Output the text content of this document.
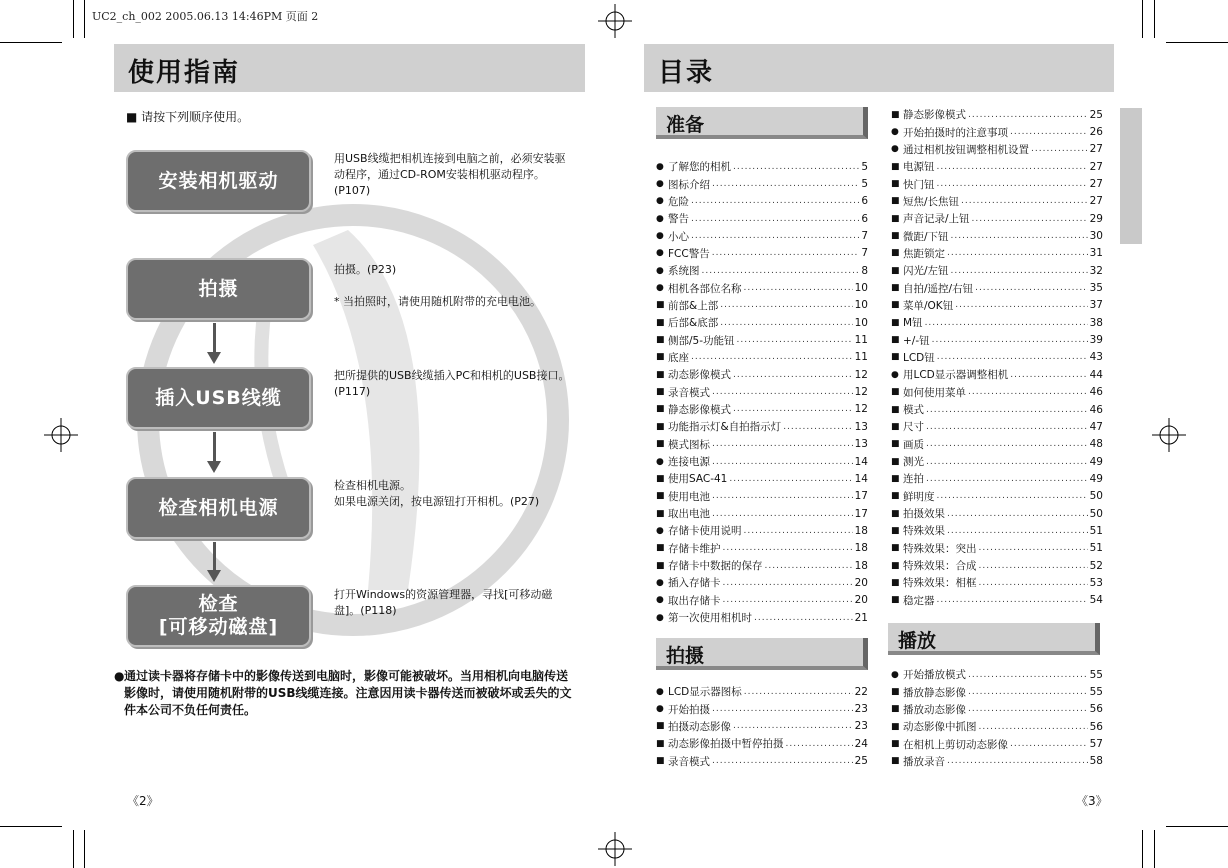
UC2_ch_002 2005.06.13 14:46PM 页面 2
使用指南
■ 请按下列顺序使用。
安装相机驱动
拍摄
插入USB线缆
检查相机电源
检查
[可移动磁盘]

用USB线缆把相机连接到电脑之前，必须安装驱动程序，通过CD-ROM安装相机驱动程序。
(P107)

拍摄。(P23)

* 当拍照时，请使用随机附带的充电电池。

把所提供的USB线缆插入PC和相机的USB接口。
(P117)

检查相机电源。
如果电源关闭，按电源钮打开相机。(P27)

打开Windows的资源管理器，寻找[可移动磁盘]。(P118)

● 通过读卡器将存储卡中的影像传送到电脑时，影像可能被破坏。当用相机向电脑传送影像时，请使用随机附带的USB线缆连接。注意因用读卡器传送而被破坏或丢失的文件本公司不负任何责任。
《2》
目录
准备
拍摄
播放
● 了解您的相机 .....	5
● 图标介绍 .....	5
● 危险 .....	6
● 警告 .....	6
● 小心 .....	7
● FCC警告 .....	7
● 系统图 .....	8
● 相机各部位名称 .....	10
■ 前部&上部 .....	10
■ 后部&底部 .....	10
■ 侧部/5-功能钮 .....	11
■ 底座 .....	11
■ 动态影像模式 .....	12
■ 录音模式 .....	12
■ 静态影像模式 .....	12
■ 功能指示灯&自拍指示灯 .....	13
■ 模式图标 .....	13
● 连接电源 .....	14
■ 使用SAC-41 .....	14
■ 使用电池 .....	17
■ 取出电池 .....	17
● 存储卡使用说明 .....	18
■ 存储卡维护 .....	18
■ 存储卡中数据的保存 .....	18
● 插入存储卡 .....	20
● 取出存储卡 .....	20
● 第一次使用相机时 .....	21
● LCD显示器图标 .....	22
● 开始拍摄 .....	23
■ 拍摄动态影像 .....	23
■ 动态影像拍摄中暂停拍摄 .....	24
■ 录音模式 .....	25
■ 静态影像模式 .....	25
● 开始拍摄时的注意事项 .....	26
● 通过相机按钮调整相机设置 .....	27
■ 电源钮 .....	27
■ 快门钮 .....	27
■ 短焦/长焦钮 .....	27
■ 声音记录/上钮 .....	29
■ 微距/下钮 .....	30
■ 焦距锁定 .....	31
■ 闪光/左钮 .....	32
■ 自拍/遥控/右钮 .....	35
■ 菜单/OK钮 .....	37
■ M钮 .....	38
■ +/-钮 .....	39
■ LCD钮 .....	43
● 用LCD显示器调整相机 .....	44
■ 如何使用菜单 .....	46
■ 模式 .....	46
■ 尺寸 .....	47
■ 画质 .....	48
■ 测光 .....	49
■ 连拍 .....	49
■ 鲜明度 .....	50
■ 拍摄效果 .....	50
■ 特殊效果 .....	51
■ 特殊效果：突出 .....	51
■ 特殊效果：合成 .....	52
■ 特殊效果：相框 .....	53
■ 稳定器 .....	54
● 开始播放模式 .....	55
■ 播放静态影像 .....	55
■ 播放动态影像 .....	56
■ 动态影像中抓图 .....	56
■ 在相机上剪切动态影像 .....	57
■ 播放录音 .....	58
《3》
